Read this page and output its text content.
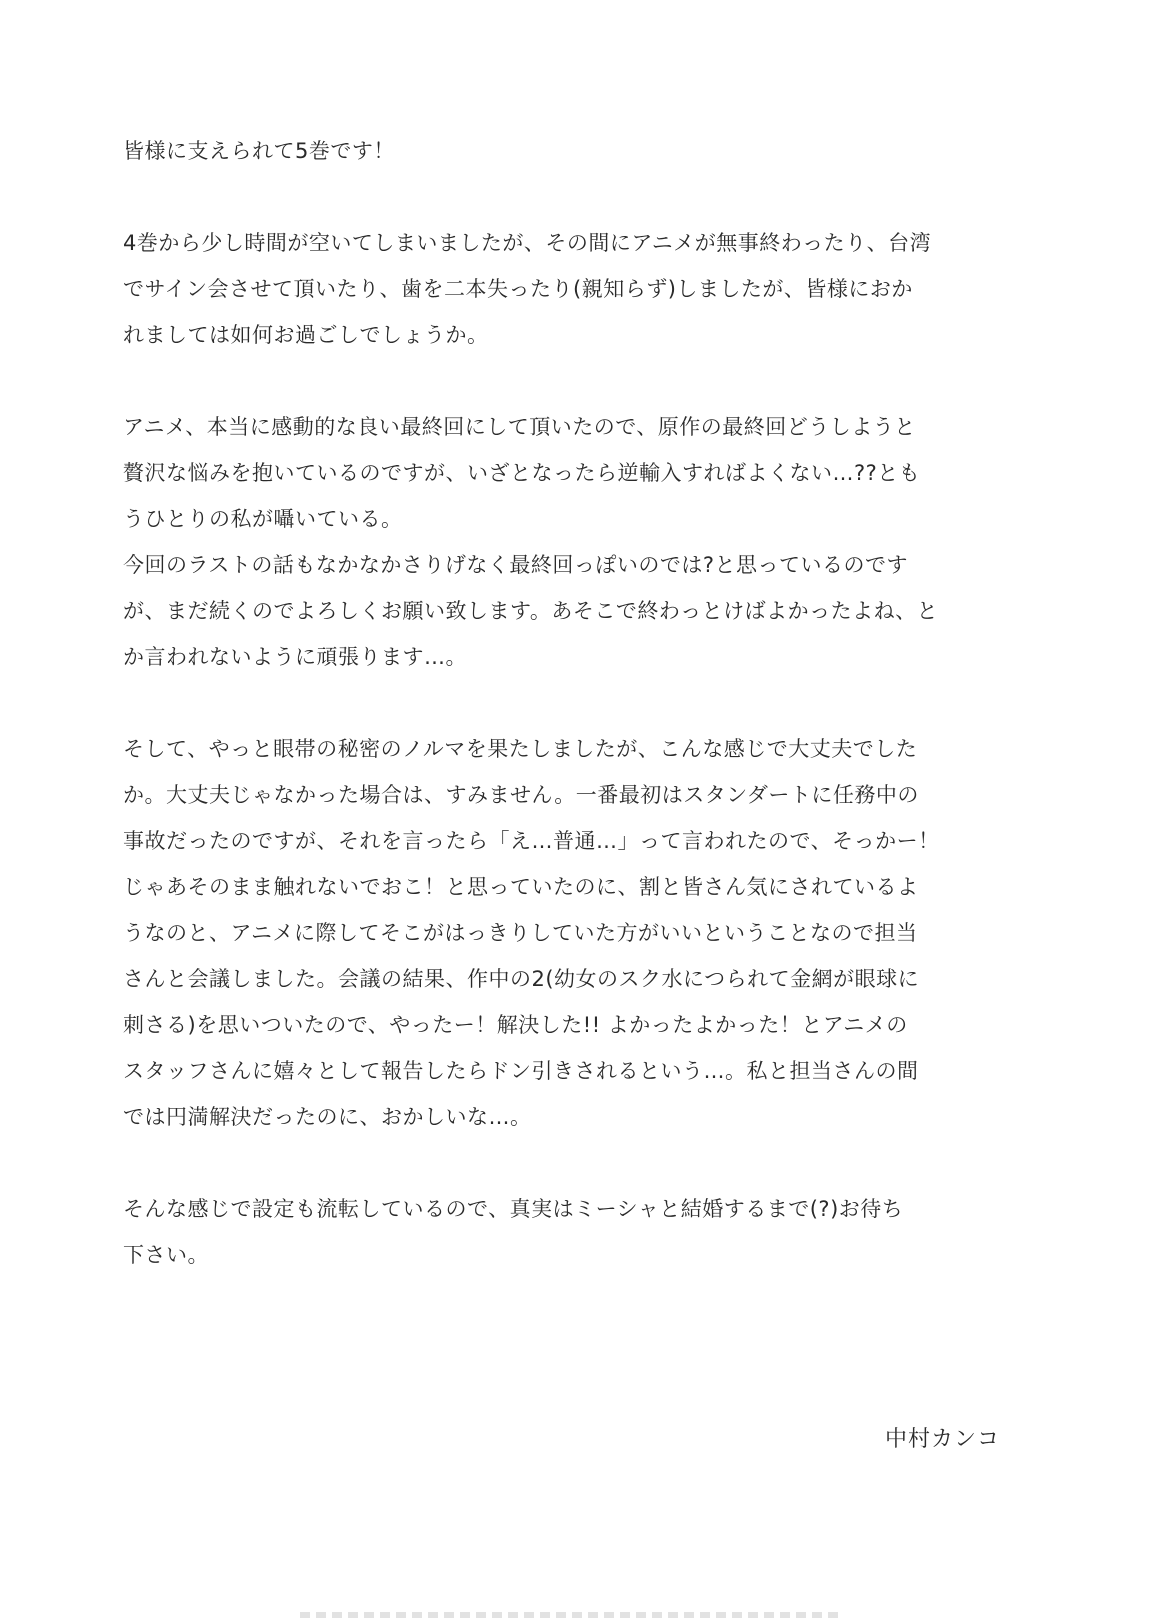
皆様に支えられて5巻です！
4巻から少し時間が空いてしまいましたが、その間にアニメが無事終わったり、台湾
でサイン会させて頂いたり、歯を二本失ったり(親知らず)しましたが、皆様におか
れましては如何お過ごしでしょうか。
アニメ、本当に感動的な良い最終回にして頂いたので、原作の最終回どうしようと
贅沢な悩みを抱いているのですが、いざとなったら逆輸入すればよくない…??とも
うひとりの私が囁いている。
今回のラストの話もなかなかさりげなく最終回っぽいのでは?と思っているのです
が、まだ続くのでよろしくお願い致します。あそこで終わっとけばよかったよね、と
か言われないように頑張ります…。
そして、やっと眼帯の秘密のノルマを果たしましたが、こんな感じで大丈夫でした
か。大丈夫じゃなかった場合は、すみません。一番最初はスタンダートに任務中の
事故だったのですが、それを言ったら「え…普通…」って言われたので、そっかー！
じゃあそのまま触れないでおこ！と思っていたのに、割と皆さん気にされているよ
うなのと、アニメに際してそこがはっきりしていた方がいいということなので担当
さんと会議しました。会議の結果、作中の2(幼女のスク水につられて金網が眼球に
刺さる)を思いついたので、やったー！解決した!! よかったよかった！とアニメの
スタッフさんに嬉々として報告したらドン引きされるという…。私と担当さんの間
では円満解決だったのに、おかしいな…。
そんな感じで設定も流転しているので、真実はミーシャと結婚するまで(?)お待ち
下さい。
中村カンコ
